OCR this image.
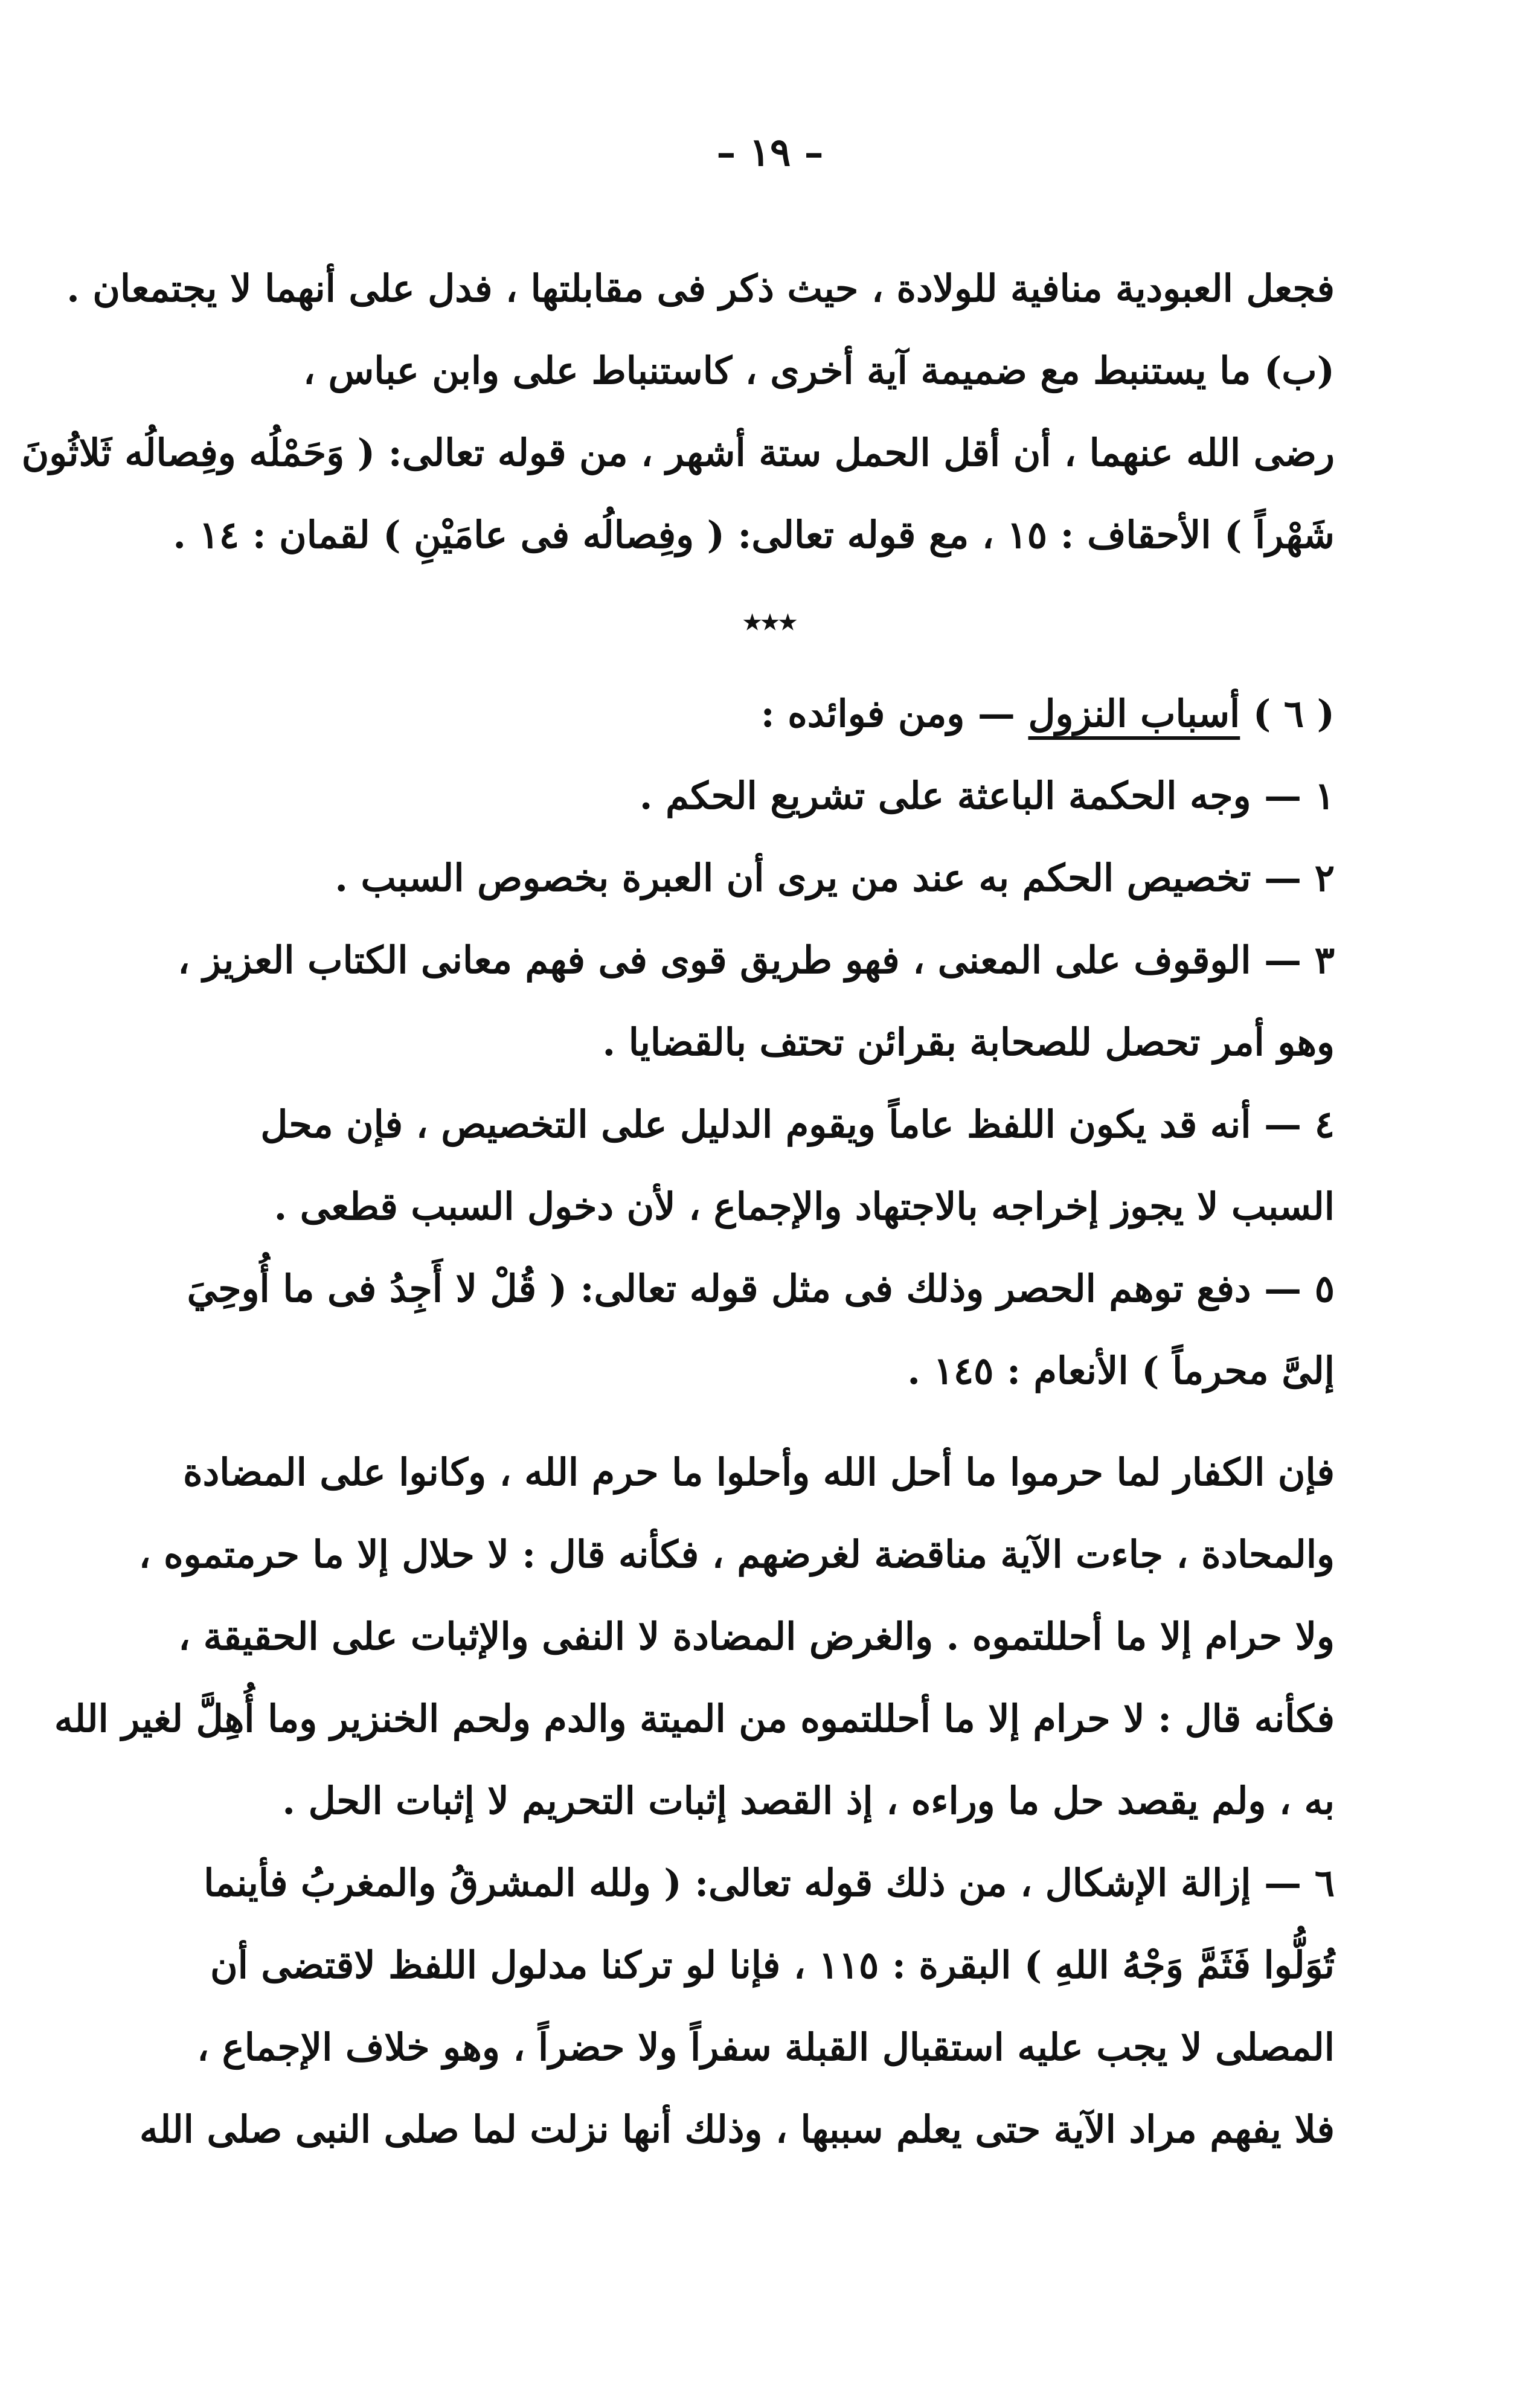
– ١٩ –

فجعل العبودية منافية للولادة ، حيث ذكر فى مقابلتها ، فدل على أنهما لا يجتمعان .
(ب) ما يستنبط مع ضميمة آية أخرى ، كاستنباط على وابن عباس ،
رضى الله عنهما ، أن أقل الحمل ستة أشهر ، من قوله تعالى: ( وَحَمْلُه وفِصالُه ثَلاثُونَ
شَهْراً ) الأحقاف : ١٥ ، مع قوله تعالى: ( وفِصالُه فى عامَيْنِ ) لقمان : ١٤ .

٭٭٭

( ٦ ) أسباب النزول — ومن فوائده :

١ — وجه الحكمة الباعثة على تشريع الحكم .

٢ — تخصيص الحكم به عند من يرى أن العبرة بخصوص السبب .

٣ — الوقوف على المعنى ، فهو طريق قوى فى فهم معانى الكتاب العزيز ،
وهو أمر تحصل للصحابة بقرائن تحتف بالقضايا .

٤ — أنه قد يكون اللفظ عاماً ويقوم الدليل على التخصيص ، فإن محل
السبب لا يجوز إخراجه بالاجتهاد والإجماع ، لأن دخول السبب قطعى .

٥ — دفع توهم الحصر وذلك فى مثل قوله تعالى: ( قُلْ لا أَجِدُ فى ما أُوحِيَ
إلىَّ محرماً ) الأنعام : ١٤٥ .

فإن الكفار لما حرموا ما أحل الله وأحلوا ما حرم الله ، وكانوا على المضادة
والمحادة ، جاءت الآية مناقضة لغرضهم ، فكأنه قال : لا حلال إلا ما حرمتموه ،
ولا حرام إلا ما أحللتموه . والغرض المضادة لا النفى والإثبات على الحقيقة ،
فكأنه قال : لا حرام إلا ما أحللتموه من الميتة والدم ولحم الخنزير وما أُهِلَّ لغير الله
به ، ولم يقصد حل ما وراءه ، إذ القصد إثبات التحريم لا إثبات الحل .

٦ — إزالة الإشكال ، من ذلك قوله تعالى: ( ولله المشرقُ والمغربُ فأينما
تُوَلُّوا فَثَمَّ وَجْهُ اللهِ ) البقرة : ١١٥ ، فإنا لو تركنا مدلول اللفظ لاقتضى أن
المصلى لا يجب عليه استقبال القبلة سفراً ولا حضراً ، وهو خلاف الإجماع ،
فلا يفهم مراد الآية حتى يعلم سببها ، وذلك أنها نزلت لما صلى النبى صلى الله
